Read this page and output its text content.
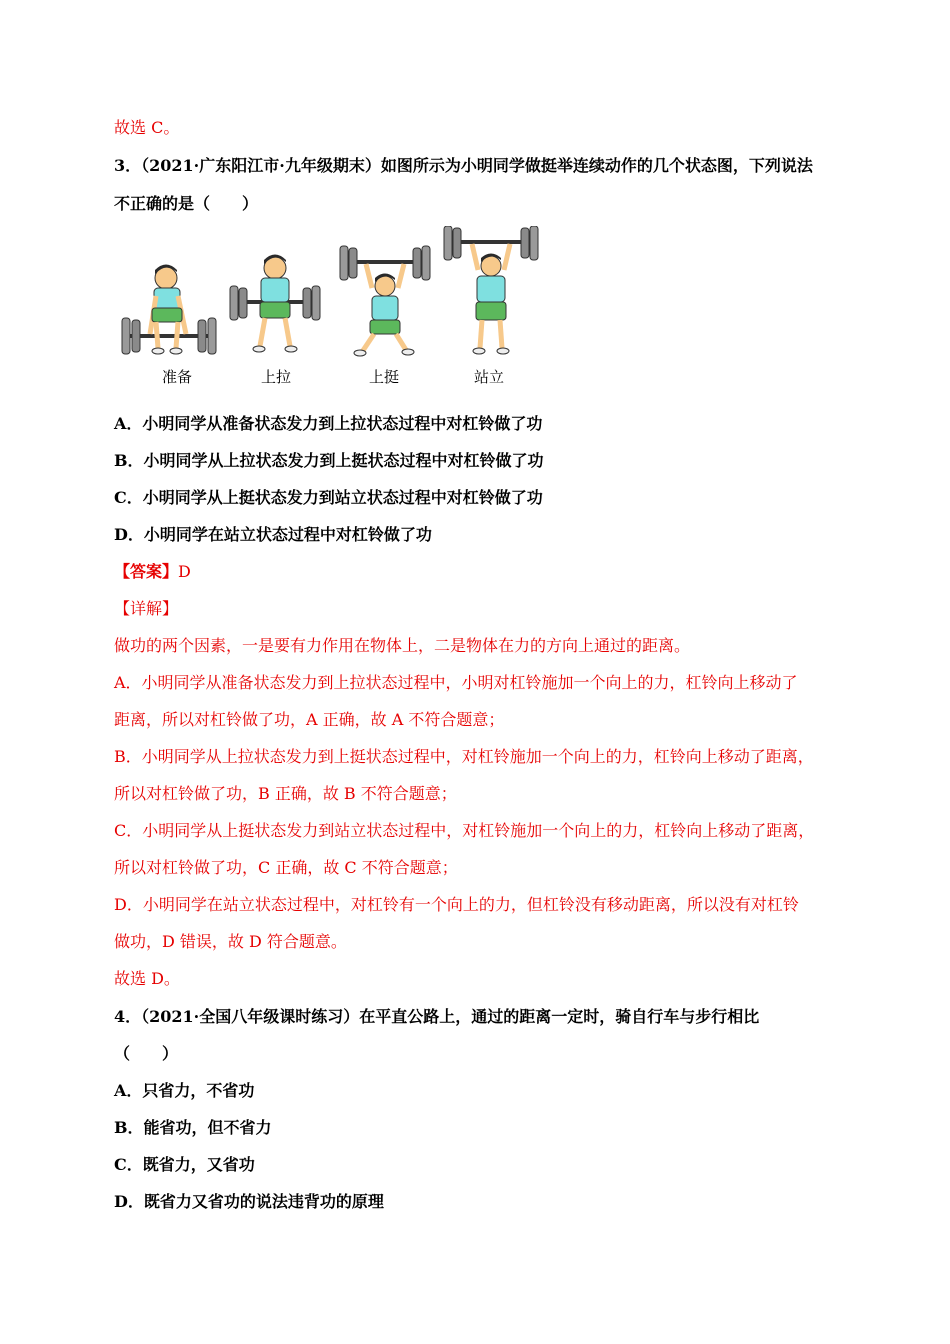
故选 C。
3．（2021·广东阳江市·九年级期末）如图所示为小明同学做挺举连续动作的几个状态图，下列说法
不正确的是（　　）
准备	上拉	上挺	站立
A．小明同学从准备状态发力到上拉状态过程中对杠铃做了功
B．小明同学从上拉状态发力到上挺状态过程中对杠铃做了功
C．小明同学从上挺状态发力到站立状态过程中对杠铃做了功
D．小明同学在站立状态过程中对杠铃做了功
【答案】D
【详解】
做功的两个因素，一是要有力作用在物体上，二是物体在力的方向上通过的距离。
A．小明同学从准备状态发力到上拉状态过程中，小明对杠铃施加一个向上的力，杠铃向上移动了
距离，所以对杠铃做了功，A 正确，故 A 不符合题意；
B．小明同学从上拉状态发力到上挺状态过程中，对杠铃施加一个向上的力，杠铃向上移动了距离，
所以对杠铃做了功，B 正确，故 B 不符合题意；
C．小明同学从上挺状态发力到站立状态过程中，对杠铃施加一个向上的力，杠铃向上移动了距离，
所以对杠铃做了功，C 正确，故 C 不符合题意；
D．小明同学在站立状态过程中，对杠铃有一个向上的力，但杠铃没有移动距离，所以没有对杠铃
做功，D 错误，故 D 符合题意。
故选 D。
4．（2021·全国八年级课时练习）在平直公路上，通过的距离一定时，骑自行车与步行相比
（　　）
A．只省力，不省功
B．能省功，但不省力
C．既省力，又省功
D．既省力又省功的说法违背功的原理
